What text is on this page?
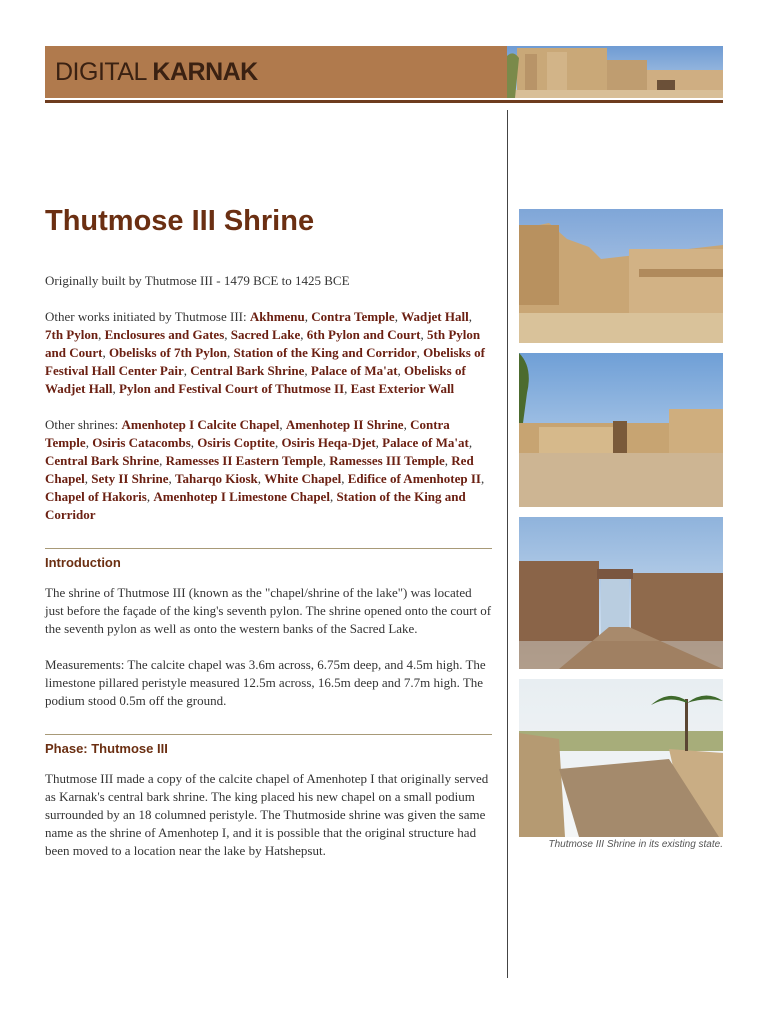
DIGITAL KARNAK
Thutmose III Shrine

Originally built by Thutmose III - 1479 BCE to 1425 BCE

Other works initiated by Thutmose III: Akhmenu, Contra Temple, Wadjet Hall, 7th Pylon, Enclosures and Gates, Sacred Lake, 6th Pylon and Court, 5th Pylon and Court, Obelisks of 7th Pylon, Station of the King and Corridor, Obelisks of Festival Hall Center Pair, Central Bark Shrine, Palace of Ma'at, Obelisks of Wadjet Hall, Pylon and Festival Court of Thutmose II, East Exterior Wall

Other shrines: Amenhotep I Calcite Chapel, Amenhotep II Shrine, Contra Temple, Osiris Catacombs, Osiris Coptite, Osiris Heqa-Djet, Palace of Ma'at, Central Bark Shrine, Ramesses II Eastern Temple, Ramesses III Temple, Red Chapel, Sety II Shrine, Taharqo Kiosk, White Chapel, Edifice of Amenhotep II, Chapel of Hakoris, Amenhotep I Limestone Chapel, Station of the King and Corridor

Introduction

The shrine of Thutmose III (known as the "chapel/shrine of the lake") was located just before the façade of the king's seventh pylon. The shrine opened onto the court of the seventh pylon as well as onto the western banks of the Sacred Lake.

Measurements: The calcite chapel was 3.6m across, 6.75m deep, and 4.5m high. The limestone pillared peristyle measured 12.5m across, 16.5m deep and 7.7m high. The podium stood 0.5m off the ground.

Phase: Thutmose III

Thutmose III made a copy of the calcite chapel of Amenhotep I that originally served as Karnak's central bark shrine. The king placed his new chapel on a small podium surrounded by an 18 columned peristyle. The Thutmoside shrine was given the same name as the shrine of Amenhotep I, and it is possible that the original structure had been moved to a location near the lake by Hatshepsut.	Thutmose III Shrine in its existing state.
